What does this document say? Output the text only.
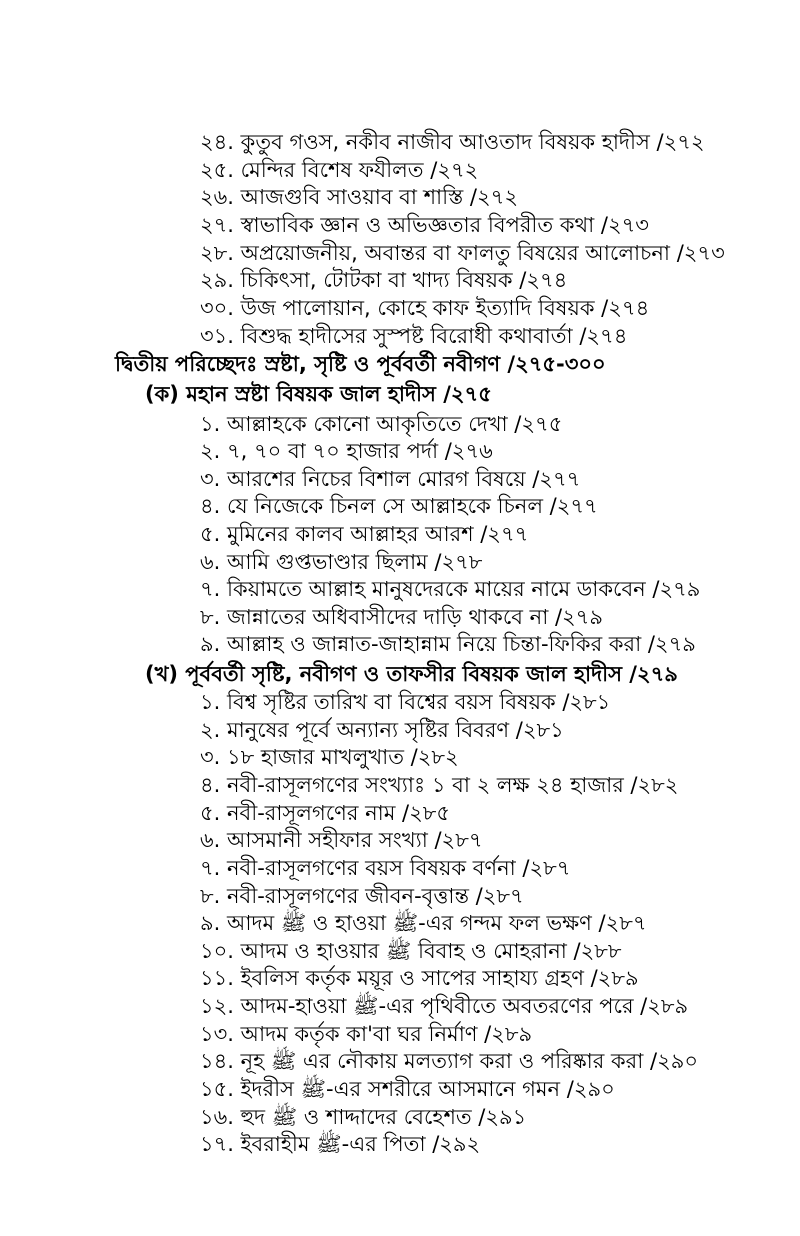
২৪. কুতুব গওস, নকীব নাজীব আওতাদ বিষয়ক হাদীস /২৭২
২৫. মেন্দির বিশেষ ফযীলত /২৭২
২৬. আজগুবি সাওয়াব বা শাস্তি /২৭২
২৭. স্বাভাবিক জ্ঞান ও অভিজ্ঞতার বিপরীত কথা /২৭৩
২৮. অপ্রয়োজনীয়, অবান্তর বা ফালতু বিষয়ের আলোচনা /২৭৩
২৯. চিকিৎসা, টোটকা বা খাদ্য বিষয়ক /২৭৪
৩০. উজ পালোয়ান, কোহে কাফ ইত্যাদি বিষয়ক /২৭৪
৩১. বিশুদ্ধ হাদীসের সুস্পষ্ট বিরোধী কথাবার্তা /২৭৪
দ্বিতীয় পরিচ্ছেদঃ স্রষ্টা, সৃষ্টি ও পূর্ববর্তী নবীগণ /২৭৫-৩০০
(ক) মহান স্রষ্টা বিষয়ক জাল হাদীস /২৭৫
১. আল্লাহকে কোনো আকৃতিতে দেখা /২৭৫
২. ৭, ৭০ বা ৭০ হাজার পর্দা /২৭৬
৩. আরশের নিচের বিশাল মোরগ বিষয়ে /২৭৭
৪. যে নিজেকে চিনল সে আল্লাহকে চিনল /২৭৭
৫. মুমিনের কালব আল্লাহর আরশ /২৭৭
৬. আমি গুপ্তভাণ্ডার ছিলাম /২৭৮
৭. কিয়ামতে আল্লাহ মানুষদেরকে মায়ের নামে ডাকবেন /২৭৯
৮. জান্নাতের অধিবাসীদের দাড়ি থাকবে না /২৭৯
৯. আল্লাহ ও জান্নাত-জাহান্নাম নিয়ে চিন্তা-ফিকির করা /২৭৯
(খ) পূর্ববর্তী সৃষ্টি, নবীগণ ও তাফসীর বিষয়ক জাল হাদীস /২৭৯
১. বিশ্ব সৃষ্টির তারিখ বা বিশ্বের বয়স বিষয়ক /২৮১
২. মানুষের পূর্বে অন্যান্য সৃষ্টির বিবরণ /২৮১
৩. ১৮ হাজার মাখলুখাত /২৮২
৪. নবী-রাসূলগণের সংখ্যাঃ ১ বা ২ লক্ষ ২৪ হাজার /২৮২
৫. নবী-রাসূলগণের নাম /২৮৫
৬. আসমানী সহীফার সংখ্যা /২৮৭
৭. নবী-রাসূলগণের বয়স বিষয়ক বর্ণনা /২৮৭
৮. নবী-রাসূলগণের জীবন-বৃত্তান্ত /২৮৭
৯. আদম ﷺ ও হাওয়া ﷺ-এর গন্দম ফল ভক্ষণ /২৮৭
১০. আদম ও হাওয়ার ﷺ বিবাহ ও মোহরানা /২৮৮
১১. ইবলিস কর্তৃক ময়ূর ও সাপের সাহায্য গ্রহণ /২৮৯
১২. আদম-হাওয়া ﷺ-এর পৃথিবীতে অবতরণের পরে /২৮৯
১৩. আদম কর্তৃক কা'বা ঘর নির্মাণ /২৮৯
১৪. নূহ ﷺ এর নৌকায় মলত্যাগ করা ও পরিষ্কার করা /২৯০
১৫. ইদরীস ﷺ-এর সশরীরে আসমানে গমন /২৯০
১৬. হুদ ﷺ ও শাদ্দাদের বেহেশত /২৯১
১৭. ইবরাহীম ﷺ-এর পিতা /২৯২
